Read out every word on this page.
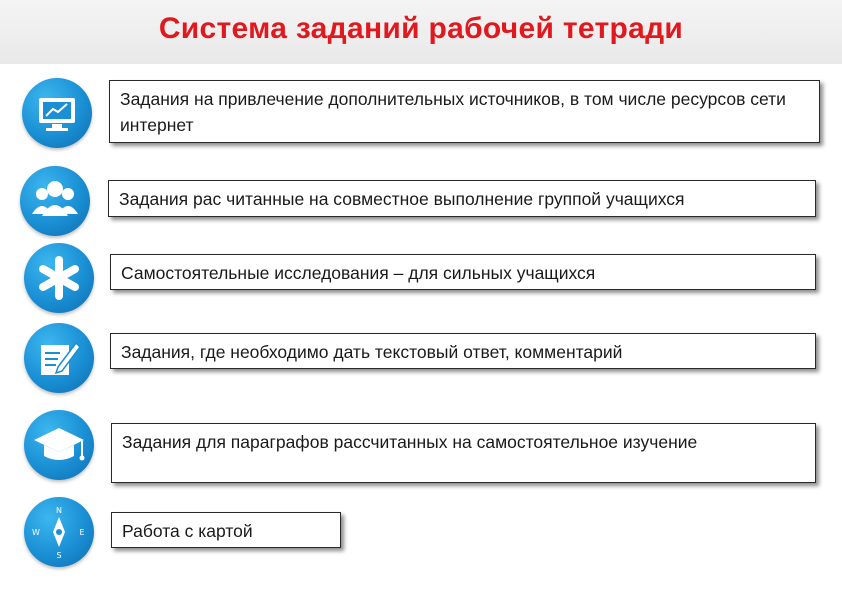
Система заданий рабочей тетради
Задания на привлечение дополнительных источников, в том числе ресурсов сети интернет
Задания рас читанные на совместное выполнение группой учащихся
Самостоятельные исследования – для сильных учащихся
Задания, где необходимо дать текстовый ответ, комментарий
Задания для параграфов рассчитанных на самостоятельное изучение
N
S
W	E	Работа с картой
